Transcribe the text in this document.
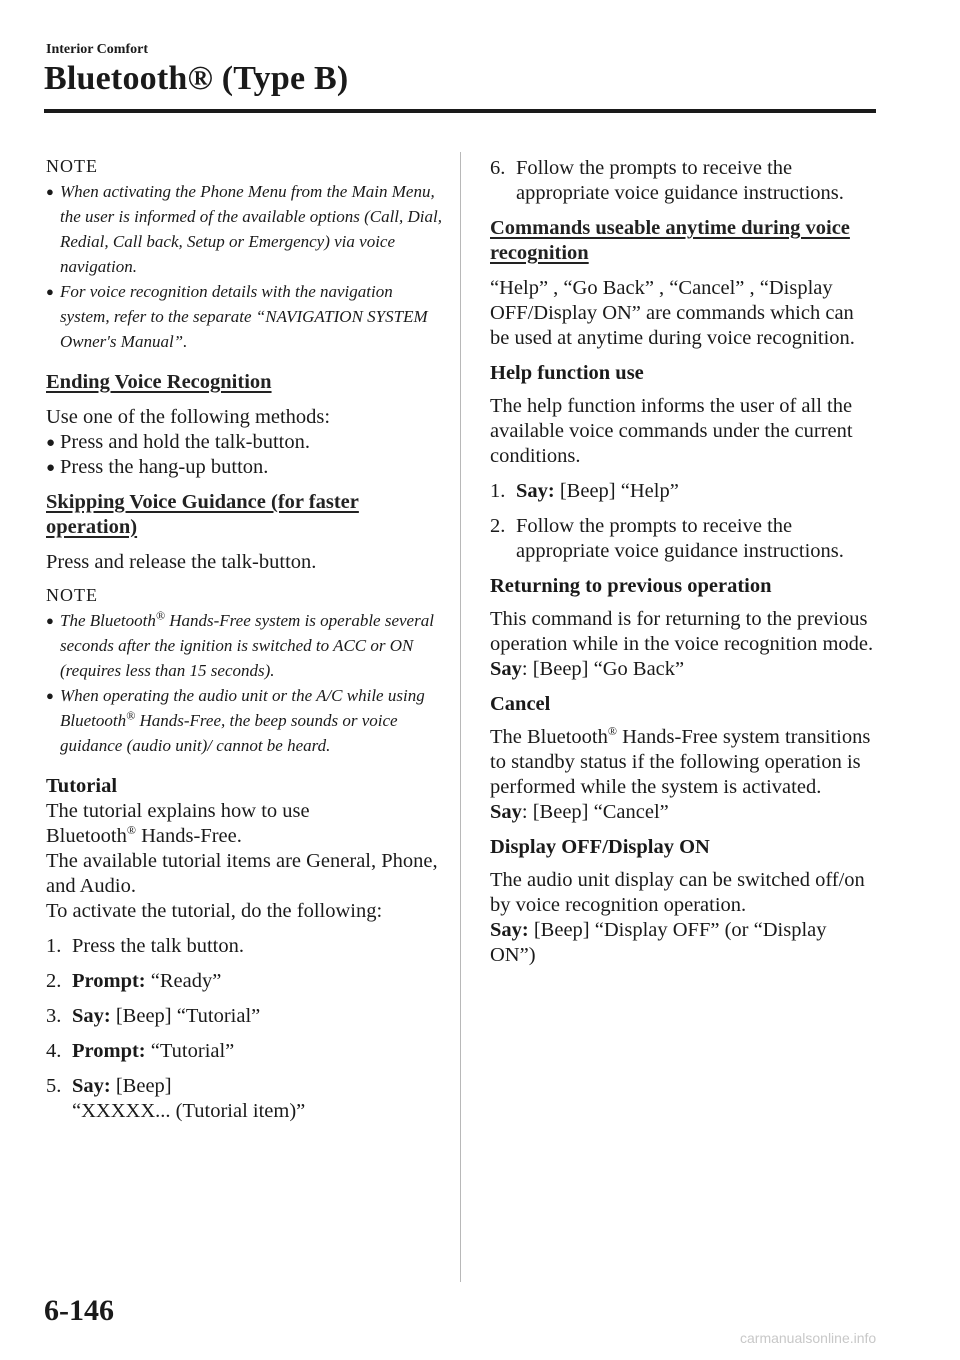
Interior Comfort
Bluetooth® (Type B)
NOTE
● When activating the Phone Menu from the Main Menu, the user is informed of the available options (Call, Dial, Redial, Call back, Setup or Emergency) via voice navigation.
● For voice recognition details with the navigation system, refer to the separate “NAVIGATION SYSTEM Owner's Manual”.
Ending Voice Recognition

Use one of the following methods:

● Press and hold the talk-button.
● Press the hang-up button.
Skipping Voice Guidance (for faster operation)

Press and release the talk-button.

NOTE
● The Bluetooth® Hands-Free system is operable several seconds after the ignition is switched to ACC or ON (requires less than 15 seconds).
● When operating the audio unit or the A/C while using Bluetooth® Hands-Free, the beep sounds or voice guidance (audio unit)/ cannot be heard.
Tutorial
The tutorial explains how to use
Bluetooth® Hands-Free.
The available tutorial items are General, Phone, and Audio.
To activate the tutorial, do the following:
1. Press the talk button.
2. Prompt: “Ready”
3. Say: [Beep] “Tutorial”
4. Prompt: “Tutorial”
5. Say: [Beep]
“XXXXX... (Tutorial item)”
6. Follow the prompts to receive the appropriate voice guidance instructions.
Commands useable anytime during voice recognition

“Help” , “Go Back” , “Cancel” , “Display OFF/Display ON” are commands which can be used at anytime during voice recognition.

Help function use

The help function informs the user of all the available voice commands under the current conditions.

1. Say: [Beep] “Help”
2. Follow the prompts to receive the appropriate voice guidance instructions.
Returning to previous operation

This command is for returning to the previous operation while in the voice recognition mode.

Say: [Beep] “Go Back”

Cancel

The Bluetooth® Hands-Free system transitions to standby status if the following operation is performed while the system is activated.

Say: [Beep] “Cancel”

Display OFF/Display ON

The audio unit display can be switched off/on by voice recognition operation.

Say: [Beep] “Display OFF” (or “Display ON”)

6-146
carmanualsonline.info
